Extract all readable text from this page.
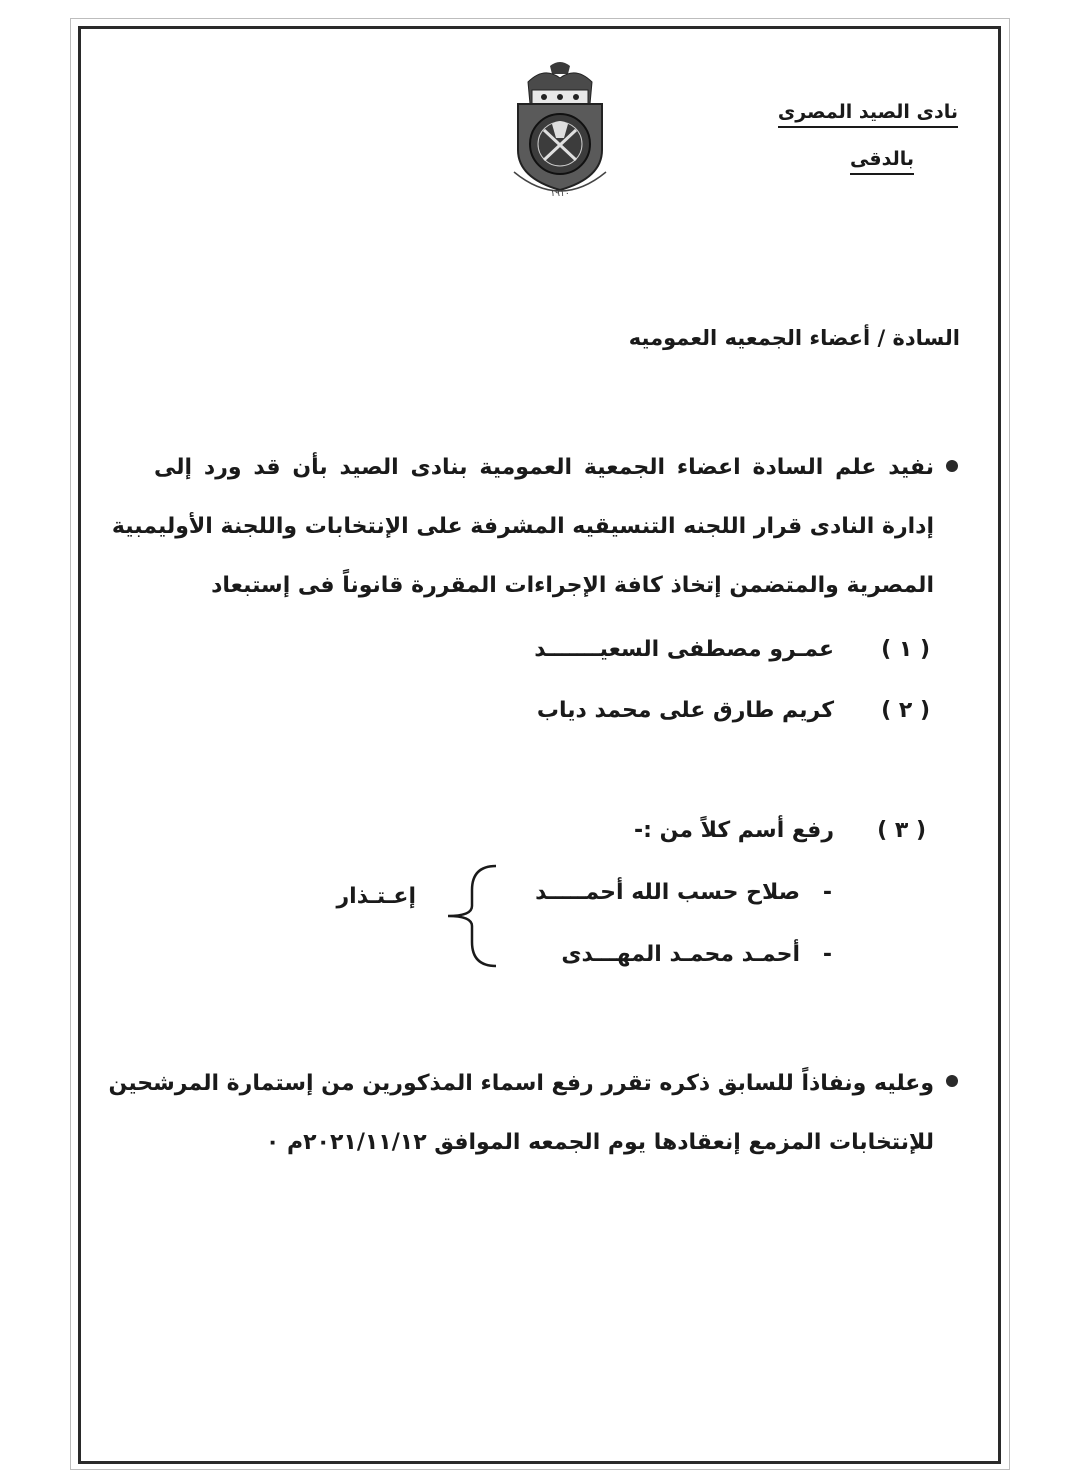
نادى الصيد المصرى
بالدقى
١٩١٠
السادة / أعضاء الجمعيه العموميه
نفيد علم السادة اعضاء الجمعية العمومية بنادى الصيد بأن قد ورد إلى
إدارة النادى قرار اللجنه التنسيقيه المشرفة على الإنتخابات واللجنة الأوليمبية
المصرية والمتضمن إتخاذ كافة الإجراءات المقررة قانوناً فى إستبعاد
( ١ )
عمـرو مصطفى السعيـــــــد
( ٢ )
كريم طارق على محمد دياب
( ٣ )
رفع أسم كلاً من :-
-
صلاح حسب الله أحمـــــد
-
أحمـد محمـد المهـــدى
إعـتـذار
وعليه ونفاذاً للسابق ذكره تقرر رفع اسماء المذكورين من إستمارة المرشحين
للإنتخابات المزمع إنعقادها يوم الجمعه الموافق ٢٠٢١/١١/١٢م ٠
